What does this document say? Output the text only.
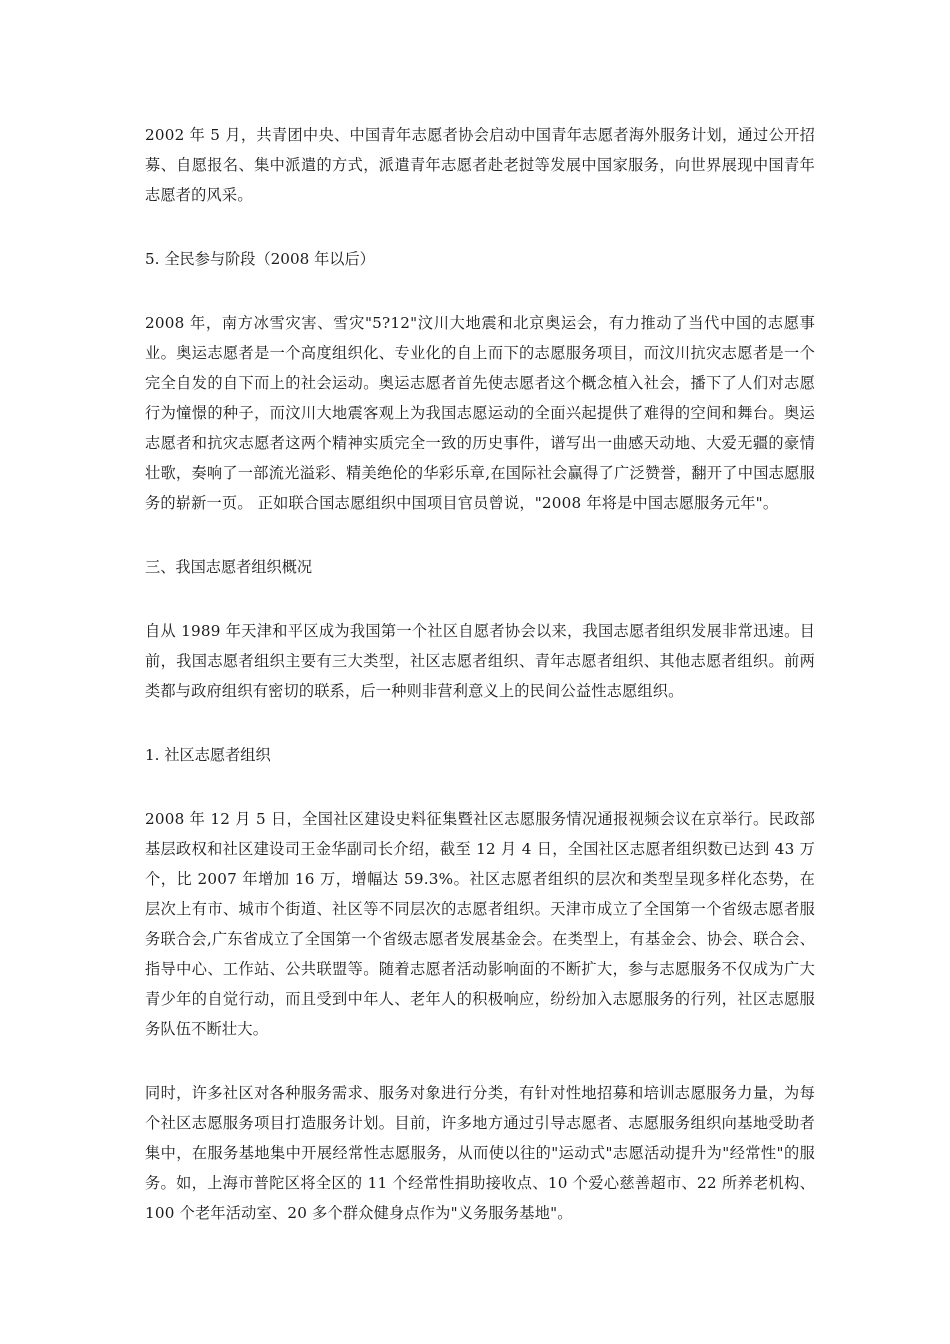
2002 年 5 月，共青团中央、中国青年志愿者协会启动中国青年志愿者海外服务计划，通过公开招募、自愿报名、集中派遣的方式，派遣青年志愿者赴老挝等发展中国家服务，向世界展现中国青年志愿者的风采。

5. 全民参与阶段（2008 年以后）

2008 年，南方冰雪灾害、雪灾"5?12"汶川大地震和北京奥运会，有力推动了当代中国的志愿事业。奥运志愿者是一个高度组织化、专业化的自上而下的志愿服务项目，而汶川抗灾志愿者是一个完全自发的自下而上的社会运动。奥运志愿者首先使志愿者这个概念植入社会，播下了人们对志愿行为憧憬的种子，而汶川大地震客观上为我国志愿运动的全面兴起提供了难得的空间和舞台。奥运志愿者和抗灾志愿者这两个精神实质完全一致的历史事件，谱写出一曲感天动地、大爱无疆的豪情壮歌，奏响了一部流光溢彩、精美绝伦的华彩乐章,在国际社会赢得了广泛赞誉，翻开了中国志愿服务的崭新一页。 正如联合国志愿组织中国项目官员曾说，"2008 年将是中国志愿服务元年"。

三、我国志愿者组织概况

自从 1989 年天津和平区成为我国第一个社区自愿者协会以来，我国志愿者组织发展非常迅速。目前，我国志愿者组织主要有三大类型，社区志愿者组织、青年志愿者组织、其他志愿者组织。前两类都与政府组织有密切的联系，后一种则非营利意义上的民间公益性志愿组织。

1. 社区志愿者组织

2008 年 12 月 5 日，全国社区建设史料征集暨社区志愿服务情况通报视频会议在京举行。民政部基层政权和社区建设司王金华副司长介绍，截至 12 月 4 日，全国社区志愿者组织数已达到 43 万个，比 2007 年增加 16 万，增幅达 59.3%。社区志愿者组织的层次和类型呈现多样化态势，在层次上有市、城市个街道、社区等不同层次的志愿者组织。天津市成立了全国第一个省级志愿者服务联合会,广东省成立了全国第一个省级志愿者发展基金会。在类型上，有基金会、协会、联合会、指导中心、工作站、公共联盟等。随着志愿者活动影响面的不断扩大，参与志愿服务不仅成为广大青少年的自觉行动，而且受到中年人、老年人的积极响应，纷纷加入志愿服务的行列，社区志愿服务队伍不断壮大。

同时，许多社区对各种服务需求、服务对象进行分类，有针对性地招募和培训志愿服务力量，为每个社区志愿服务项目打造服务计划。目前，许多地方通过引导志愿者、志愿服务组织向基地受助者集中，在服务基地集中开展经常性志愿服务，从而使以往的"运动式"志愿活动提升为"经常性"的服务。如，上海市普陀区将全区的 11 个经常性捐助接收点、10 个爱心慈善超市、22 所养老机构、100 个老年活动室、20 多个群众健身点作为"义务服务基地"。
